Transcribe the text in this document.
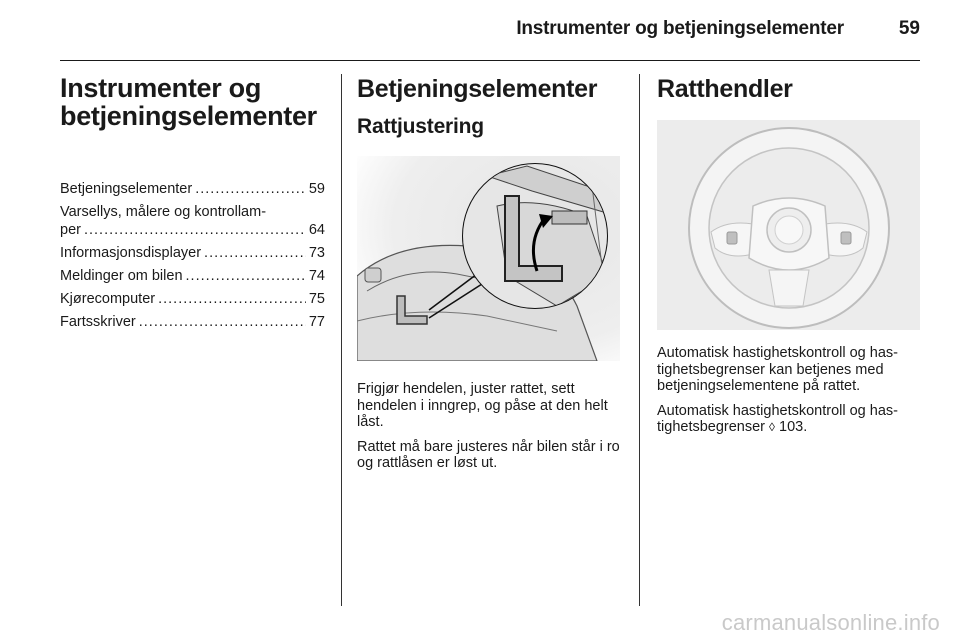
Instrumenter og betjeningselementer	59
Instrumenter og
betjeningselementer
Betjeningselementer .....	59
Varsellys, målere og kontrollam-
per .....	64
Informasjonsdisplayer .....	73
Meldinger om bilen .....	74
Kjørecomputer .....	75
Fartsskriver .....	77
Betjeningselementer
Rattjustering

Frigjør hendelen, juster rattet, sett hendelen i inngrep, og påse at den helt låst.

Rattet må bare justeres når bilen står i ro og rattlåsen er løst ut.

Ratthendler

Automatisk hastighetskontroll og has-tighetsbegrenser kan betjenes med betjeningselementene på rattet.

Automatisk hastighetskontroll og has-tighetsbegrenser ◊ 103.

carmanualsonline.info
